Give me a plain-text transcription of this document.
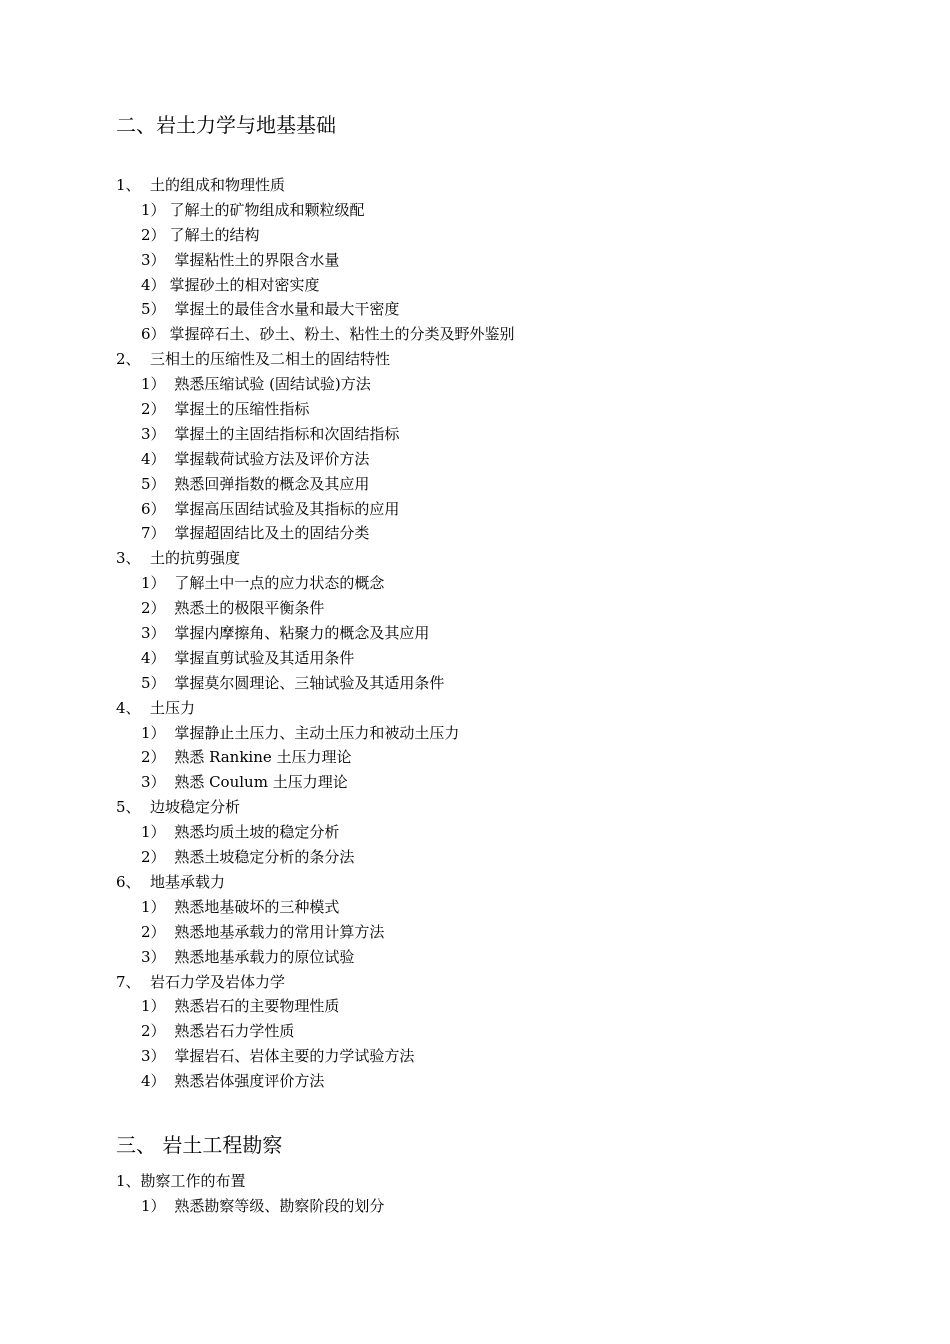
二、岩土力学与地基基础
1、 土的组成和物理性质
1） 了解土的矿物组成和颗粒级配
2） 了解土的结构
3） 掌握粘性土的界限含水量
4） 掌握砂土的相对密实度
5） 掌握土的最佳含水量和最大干密度
6） 掌握碎石土、砂土、粉土、粘性土的分类及野外鉴别
2、 三相土的压缩性及二相土的固结特性
1） 熟悉压缩试验 (固结试验)方法
2） 掌握土的压缩性指标
3） 掌握土的主固结指标和次固结指标
4） 掌握载荷试验方法及评价方法
5） 熟悉回弹指数的概念及其应用
6） 掌握高压固结试验及其指标的应用
7） 掌握超固结比及土的固结分类
3、 土的抗剪强度
1） 了解土中一点的应力状态的概念
2） 熟悉土的极限平衡条件
3） 掌握内摩擦角、粘聚力的概念及其应用
4） 掌握直剪试验及其适用条件
5） 掌握莫尔圆理论、三轴试验及其适用条件
4、 土压力
1） 掌握静止土压力、主动土压力和被动土压力
2） 熟悉 Rankine 土压力理论
3） 熟悉 Coulum 土压力理论
5、 边坡稳定分析
1） 熟悉均质土坡的稳定分析
2） 熟悉土坡稳定分析的条分法
6、 地基承载力
1） 熟悉地基破坏的三种模式
2） 熟悉地基承载力的常用计算方法
3） 熟悉地基承载力的原位试验
7、 岩石力学及岩体力学
1） 熟悉岩石的主要物理性质
2） 熟悉岩石力学性质
3） 掌握岩石、岩体主要的力学试验方法
4） 熟悉岩体强度评价方法
三、 岩土工程勘察
1、勘察工作的布置
1） 熟悉勘察等级、勘察阶段的划分
